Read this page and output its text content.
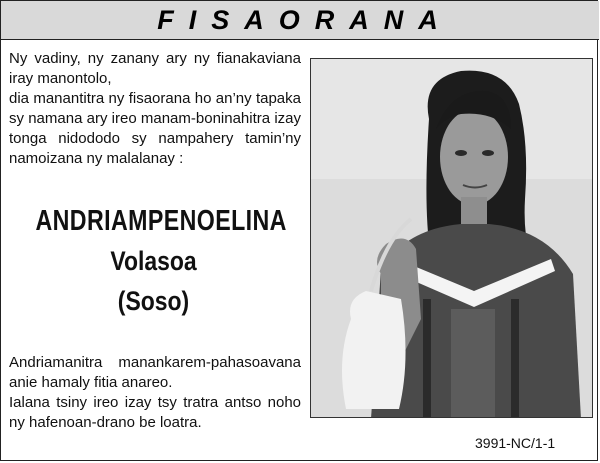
FISAORANA
Ny vadiny, ny zanany ary ny fianakaviana iray manontolo,
dia manantitra ny fisaorana ho an’ny tapaka sy namana ary ireo manam-boninahitra izay tonga nidododo sy nampahery tamin’ny namoizana ny malalanay :
ANDRIAMPENOELINA
Volasoa
(Soso)
Andriamanitra manankarem-pahasoavana anie hamaly fitia anareo.
Ialana tsiny ireo izay tsy tratra antso noho ny hafenoan-drano be loatra.
3991-NC/1-1
